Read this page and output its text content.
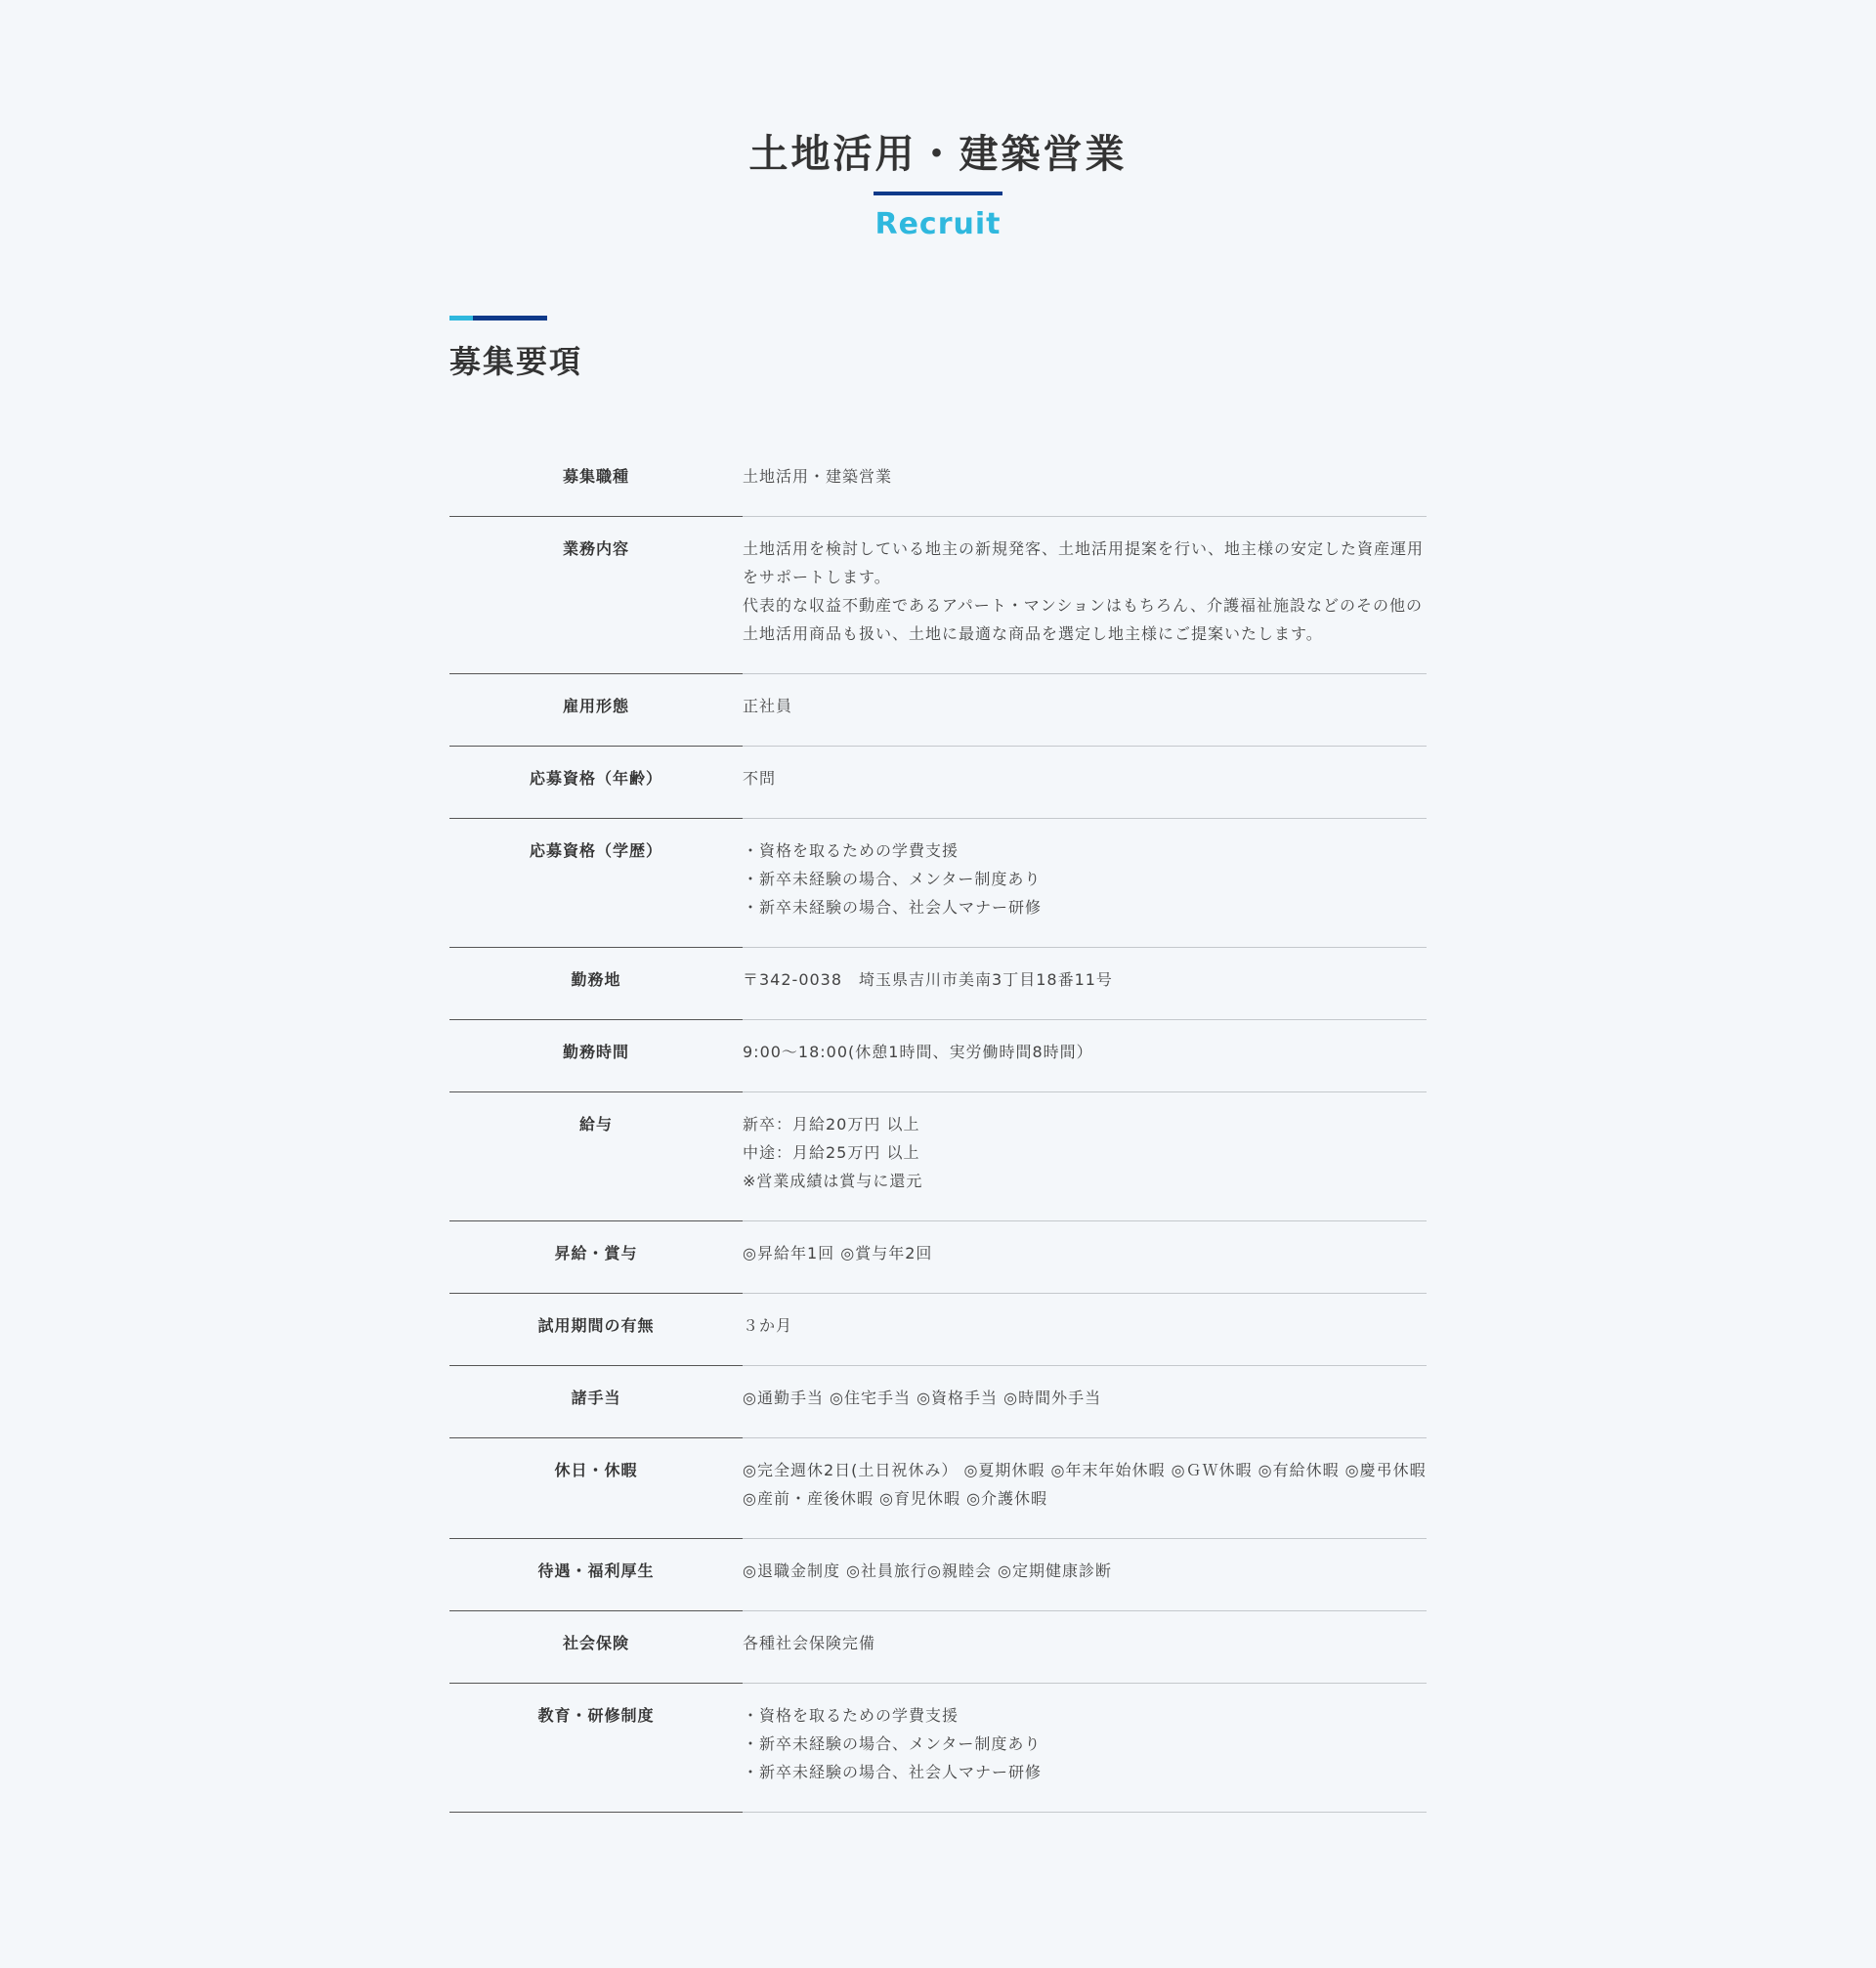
土地活用・建築営業
Recruit
募集要項
募集職種	土地活用・建築営業
業務内容	土地活用を検討している地主の新規発客、土地活用提案を行い、地主様の安定した資産運用をサポートします。
代表的な収益不動産であるアパート・マンションはもちろん、介護福祉施設などのその他の土地活用商品も扱い、土地に最適な商品を選定し地主様にご提案いたします。
雇用形態	正社員
応募資格（年齢）	不問
応募資格（学歴）	・資格を取るための学費支援
・新卒未経験の場合、メンター制度あり
・新卒未経験の場合、社会人マナー研修
勤務地	〒342-0038　埼玉県吉川市美南3丁目18番11号
勤務時間	9:00〜18:00(休憩1時間、実労働時間8時間）
給与	新卒：月給20万円 以上
中途：月給25万円 以上
※営業成績は賞与に還元
昇給・賞与	◎昇給年1回 ◎賞与年2回
試用期間の有無	３か月
諸手当	◎通勤手当 ◎住宅手当 ◎資格手当 ◎時間外手当
休日・休暇	◎完全週休2日(土日祝休み） ◎夏期休暇 ◎年末年始休暇 ◎ＧＷ休暇 ◎有給休暇 ◎慶弔休暇 ◎産前・産後休暇 ◎育児休暇 ◎介護休暇
待遇・福利厚生	◎退職金制度 ◎社員旅行◎親睦会 ◎定期健康診断
社会保険	各種社会保険完備
教育・研修制度	・資格を取るための学費支援
・新卒未経験の場合、メンター制度あり
・新卒未経験の場合、社会人マナー研修
